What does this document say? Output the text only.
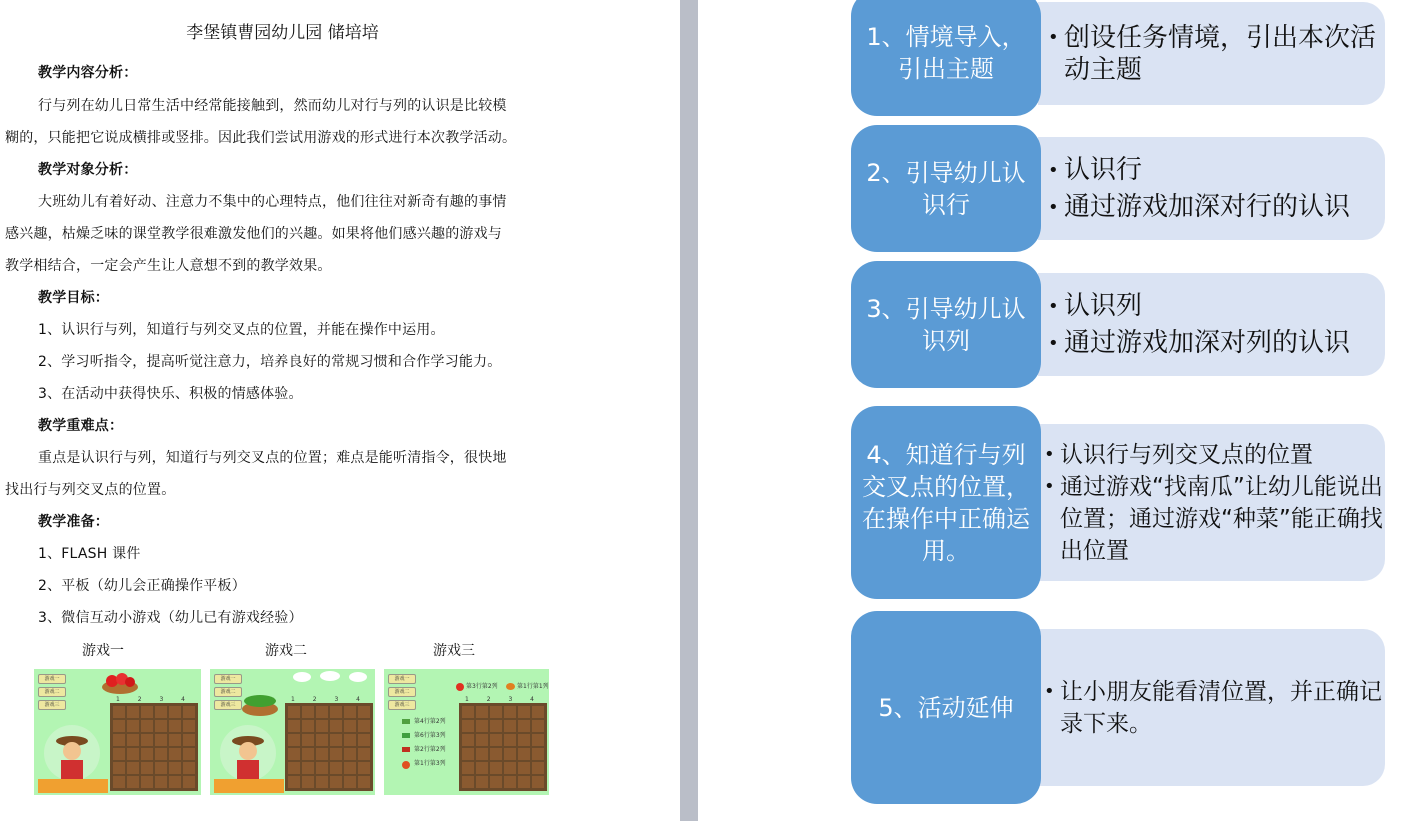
李堡镇曹园幼儿园 储培培
教学内容分析：
行与列在幼儿日常生活中经常能接触到，然而幼儿对行与列的认识是比较模
糊的，只能把它说成横排或竖排。因此我们尝试用游戏的形式进行本次教学活动。
教学对象分析：
大班幼儿有着好动、注意力不集中的心理特点，他们往往对新奇有趣的事情
感兴趣，枯燥乏味的课堂教学很难激发他们的兴趣。如果将他们感兴趣的游戏与
教学相结合，一定会产生让人意想不到的教学效果。
教学目标：
1、认识行与列，知道行与列交叉点的位置，并能在操作中运用。
2、学习听指令，提高听觉注意力，培养良好的常规习惯和合作学习能力。
3、在活动中获得快乐、积极的情感体验。
教学重难点：
重点是认识行与列，知道行与列交叉点的位置；难点是能听清指令，很快地
找出行与列交叉点的位置。
教学准备：
1、FLASH 课件
2、平板（幼儿会正确操作平板）
3、微信互动小游戏（幼儿已有游戏经验）
游戏一	游戏二	游戏三
游戏一
游戏二
游戏三
1 2 3 4
游戏一
游戏二
游戏三
1 2 3 4
游戏一
游戏二
游戏三
第3行第2列	第1行第1列
1 2 3 4
第4行第2列
第6行第3列
第2行第2列
第1行第3列
• 创设任务情境，引出本次活动主题
1、情境导入，引出主题
• 认识行
• 通过游戏加深对行的认识
2、引导幼儿认识行
• 认识列
• 通过游戏加深对列的认识
3、引导幼儿认识列
• 认识行与列交叉点的位置
• 通过游戏“找南瓜”让幼儿能说出位置；通过游戏“种菜”能正确找出位置
4、知道行与列交叉点的位置，在操作中正确运用。
• 让小朋友能看清位置，并正确记录下来。
5、活动延伸
